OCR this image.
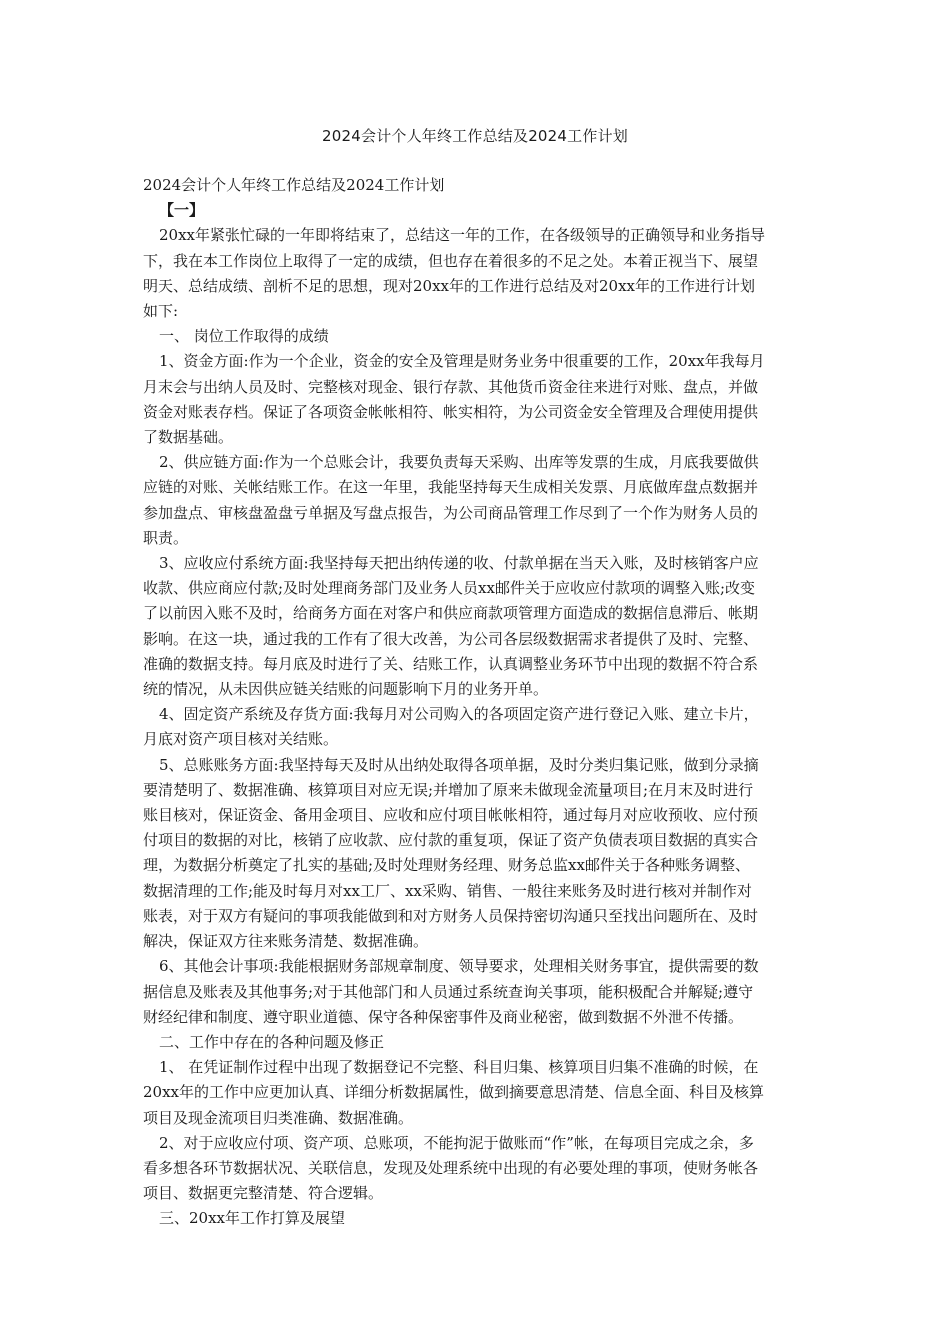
2024会计个人年终工作总结及2024工作计划
2024会计个人年终工作总结及2024工作计划
【一】
20xx年紧张忙碌的一年即将结束了，总结这一年的工作，在各级领导的正确领导和业务指导
下，我在本工作岗位上取得了一定的成绩，但也存在着很多的不足之处。本着正视当下、展望
明天、总结成绩、剖析不足的思想，现对20xx年的工作进行总结及对20xx年的工作进行计划
如下:
一、 岗位工作取得的成绩
1、资金方面:作为一个企业，资金的安全及管理是财务业务中很重要的工作，20xx年我每月
月末会与出纳人员及时、完整核对现金、银行存款、其他货币资金往来进行对账、盘点，并做
资金对账表存档。保证了各项资金帐帐相符、帐实相符，为公司资金安全管理及合理使用提供
了数据基础。
2、供应链方面:作为一个总账会计，我要负责每天采购、出库等发票的生成，月底我要做供
应链的对账、关帐结账工作。在这一年里，我能坚持每天生成相关发票、月底做库盘点数据并
参加盘点、审核盘盈盘亏单据及写盘点报告，为公司商品管理工作尽到了一个作为财务人员的
职责。
3、应收应付系统方面:我坚持每天把出纳传递的收、付款单据在当天入账，及时核销客户应
收款、供应商应付款;及时处理商务部门及业务人员xx邮件关于应收应付款项的调整入账;改变
了以前因入账不及时，给商务方面在对客户和供应商款项管理方面造成的数据信息滞后、帐期
影响。在这一块，通过我的工作有了很大改善，为公司各层级数据需求者提供了及时、完整、
准确的数据支持。每月底及时进行了关、结账工作，认真调整业务环节中出现的数据不符合系
统的情况，从未因供应链关结账的问题影响下月的业务开单。
4、固定资产系统及存货方面:我每月对公司购入的各项固定资产进行登记入账、建立卡片，
月底对资产项目核对关结账。
5、总账账务方面:我坚持每天及时从出纳处取得各项单据，及时分类归集记账，做到分录摘
要清楚明了、数据准确、核算项目对应无误;并增加了原来未做现金流量项目;在月末及时进行
账目核对，保证资金、备用金项目、应收和应付项目帐帐相符，通过每月对应收预收、应付预
付项目的数据的对比，核销了应收款、应付款的重复项，保证了资产负债表项目数据的真实合
理，为数据分析奠定了扎实的基础;及时处理财务经理、财务总监xx邮件关于各种账务调整、
数据清理的工作;能及时每月对xx工厂、xx采购、销售、一般往来账务及时进行核对并制作对
账表，对于双方有疑问的事项我能做到和对方财务人员保持密切沟通只至找出问题所在、及时
解决，保证双方往来账务清楚、数据准确。
6、其他会计事项:我能根据财务部规章制度、领导要求，处理相关财务事宜，提供需要的数
据信息及账表及其他事务;对于其他部门和人员通过系统查询关事项，能积极配合并解疑;遵守
财经纪律和制度、遵守职业道德、保守各种保密事件及商业秘密，做到数据不外泄不传播。
二、工作中存在的各种问题及修正
1、 在凭证制作过程中出现了数据登记不完整、科目归集、核算项目归集不准确的时候，在
20xx年的工作中应更加认真、详细分析数据属性，做到摘要意思清楚、信息全面、科目及核算
项目及现金流项目归类准确、数据准确。
2、对于应收应付项、资产项、总账项，不能拘泥于做账而“作”帐，在每项目完成之余，多
看多想各环节数据状况、关联信息，发现及处理系统中出现的有必要处理的事项，使财务帐各
项目、数据更完整清楚、符合逻辑。
三、20xx年工作打算及展望
